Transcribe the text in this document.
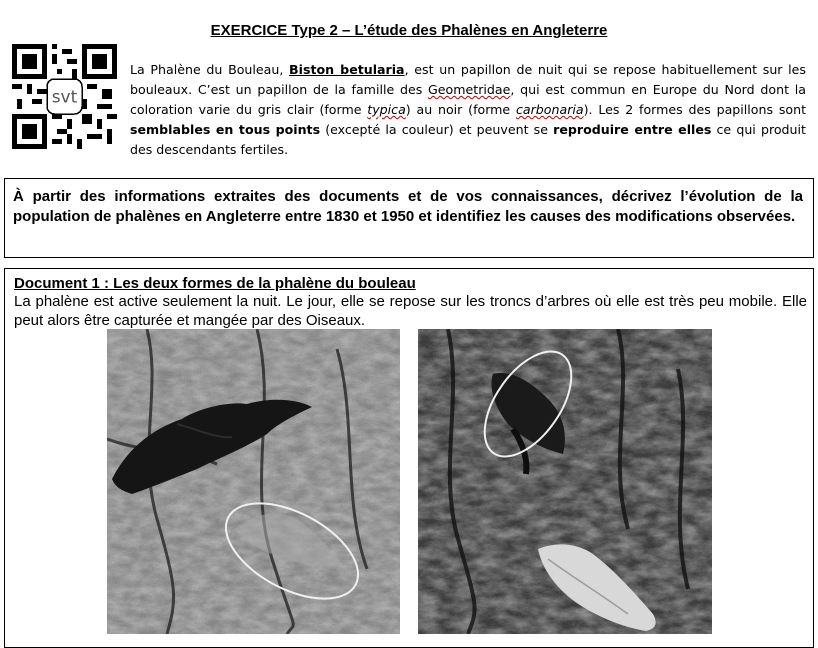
EXERCICE Type 2 – L’étude des Phalènes en Angleterre
svt

La Phalène du Bouleau, Biston betularia, est un papillon de nuit qui se repose habituellement sur les bouleaux. C’est un papillon de la famille des Geometridae, qui est commun en Europe du Nord dont la coloration varie du gris clair (forme typica) au noir (forme carbonaria). Les 2 formes des papillons sont semblables en tous points (excepté la couleur) et peuvent se reproduire entre elles ce qui produit des descendants fertiles.

À partir des informations extraites des documents et de vos connaissances, décrivez l’évolution de la population de phalènes en Angleterre entre 1830 et 1950 et identifiez les causes des modifications observées.

Document 1 : Les deux formes de la phalène du bouleau

La phalène est active seulement la nuit. Le jour, elle se repose sur les troncs d’arbres où elle est très peu mobile. Elle peut alors être capturée et mangée par des Oiseaux.
